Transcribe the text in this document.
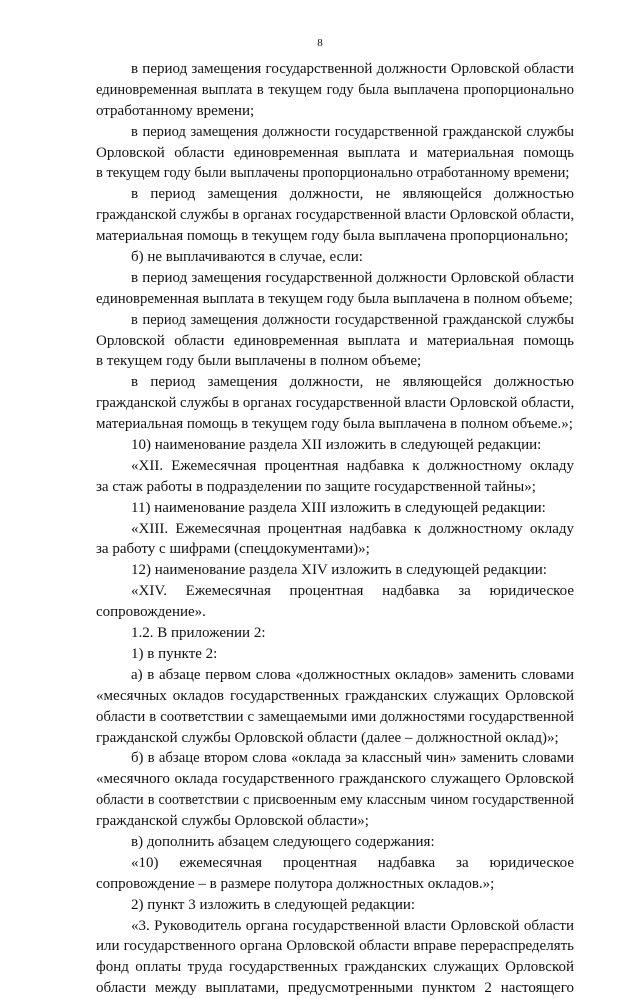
8
в период замещения государственной должности Орловской области
единовременная выплата в текущем году была выплачена пропорционально
отработанному времени;
в период замещения должности государственной гражданской службы
Орловской области единовременная выплата и материальная помощь
в текущем году были выплачены пропорционально отработанному времени;
в период замещения должности, не являющейся должностью
гражданской службы в органах государственной власти Орловской области,
материальная помощь в текущем году была выплачена пропорционально;
б) не выплачиваются в случае, если:
в период замещения государственной должности Орловской области
единовременная выплата в текущем году была выплачена в полном объеме;
в период замещения должности государственной гражданской службы
Орловской области единовременная выплата и материальная помощь
в текущем году были выплачены в полном объеме;
в период замещения должности, не являющейся должностью
гражданской службы в органах государственной власти Орловской области,
материальная помощь в текущем году была выплачена в полном объеме.»;
10) наименование раздела XII изложить в следующей редакции:
«XII. Ежемесячная процентная надбавка к должностному окладу
за стаж работы в подразделении по защите государственной тайны»;
11) наименование раздела XIII изложить в следующей редакции:
«XIII. Ежемесячная процентная надбавка к должностному окладу
за работу с шифрами (спецдокументами)»;
12) наименование раздела XIV изложить в следующей редакции:
«XIV. Ежемесячная процентная надбавка за юридическое
сопровождение».
1.2. В приложении 2:
1) в пункте 2:
а) в абзаце первом слова «должностных окладов» заменить словами
«месячных окладов государственных гражданских служащих Орловской
области в соответствии с замещаемыми ими должностями государственной
гражданской службы Орловской области (далее – должностной оклад)»;
б) в абзаце втором слова «оклада за классный чин» заменить словами
«месячного оклада государственного гражданского служащего Орловской
области в соответствии с присвоенным ему классным чином государственной
гражданской службы Орловской области»;
в) дополнить абзацем следующего содержания:
«10) ежемесячная процентная надбавка за юридическое
сопровождение – в размере полутора должностных окладов.»;
2) пункт 3 изложить в следующей редакции:
«3. Руководитель органа государственной власти Орловской области
или государственного органа Орловской области вправе перераспределять
фонд оплаты труда государственных гражданских служащих Орловской
области между выплатами, предусмотренными пунктом 2 настоящего
